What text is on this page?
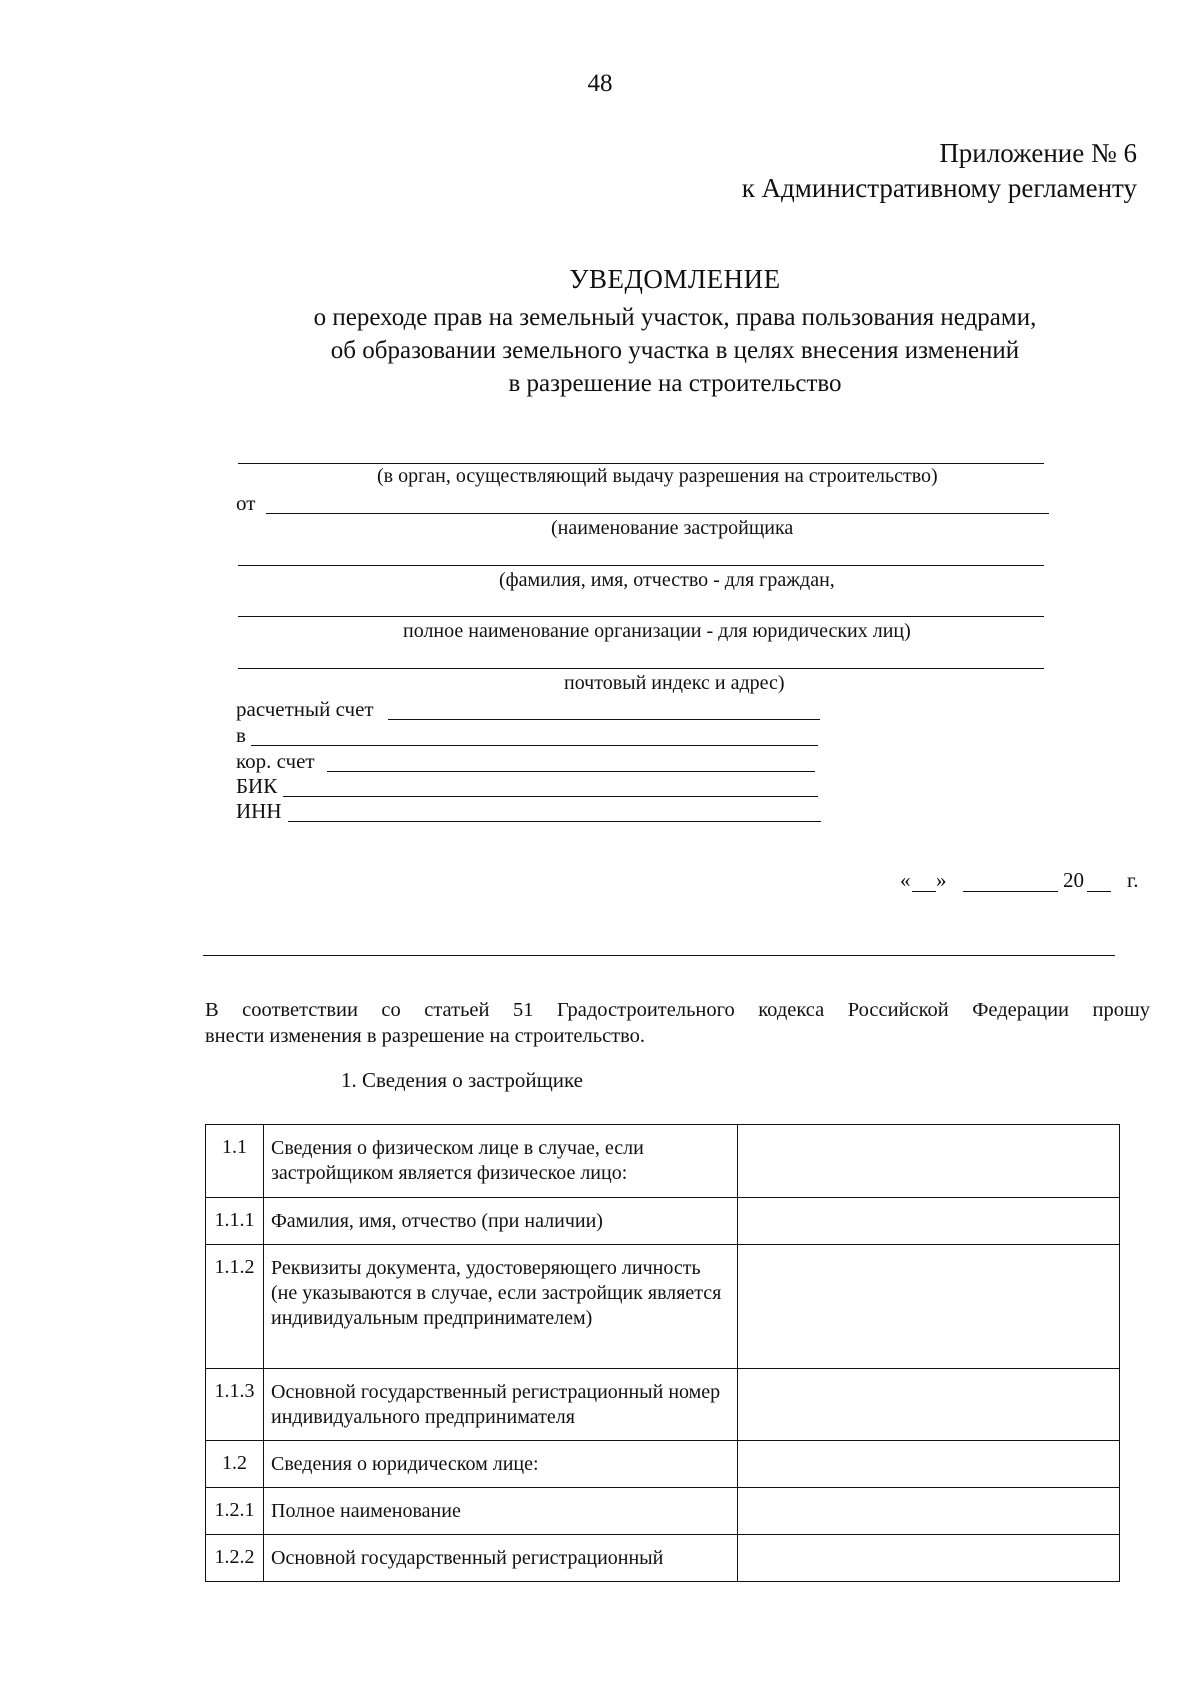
48
Приложение № 6
к Административному регламенту
УВЕДОМЛЕНИЕ
о переходе прав на земельный участок, права пользования недрами,
об образовании земельного участка в целях внесения изменений
в разрешение на строительство
(в орган, осуществляющий выдачу разрешения на строительство)
от
(наименование застройщика
(фамилия, имя, отчество - для граждан,
полное наименование организации - для юридических лиц)
почтовый индекс и адрес)
расчетный счет
в
кор. счет
БИК
ИНН
« »	20 г.
В соответствии со статьей 51 Градостроительного кодекса Российской Федерации прошу
внести изменения в разрешение на строительство.
1. Сведения о застройщике
1.1	Сведения о физическом лице в случае, если застройщиком является физическое лицо:	
1.1.1	Фамилия, имя, отчество (при наличии)	
1.1.2	Реквизиты документа, удостоверяющего личность (не указываются в случае, если застройщик является индивидуальным предпринимателем)	
1.1.3	Основной государственный регистрационный номер индивидуального предпринимателя	
1.2	Сведения о юридическом лице:	
1.2.1	Полное наименование	
1.2.2	Основной государственный регистрационный	
